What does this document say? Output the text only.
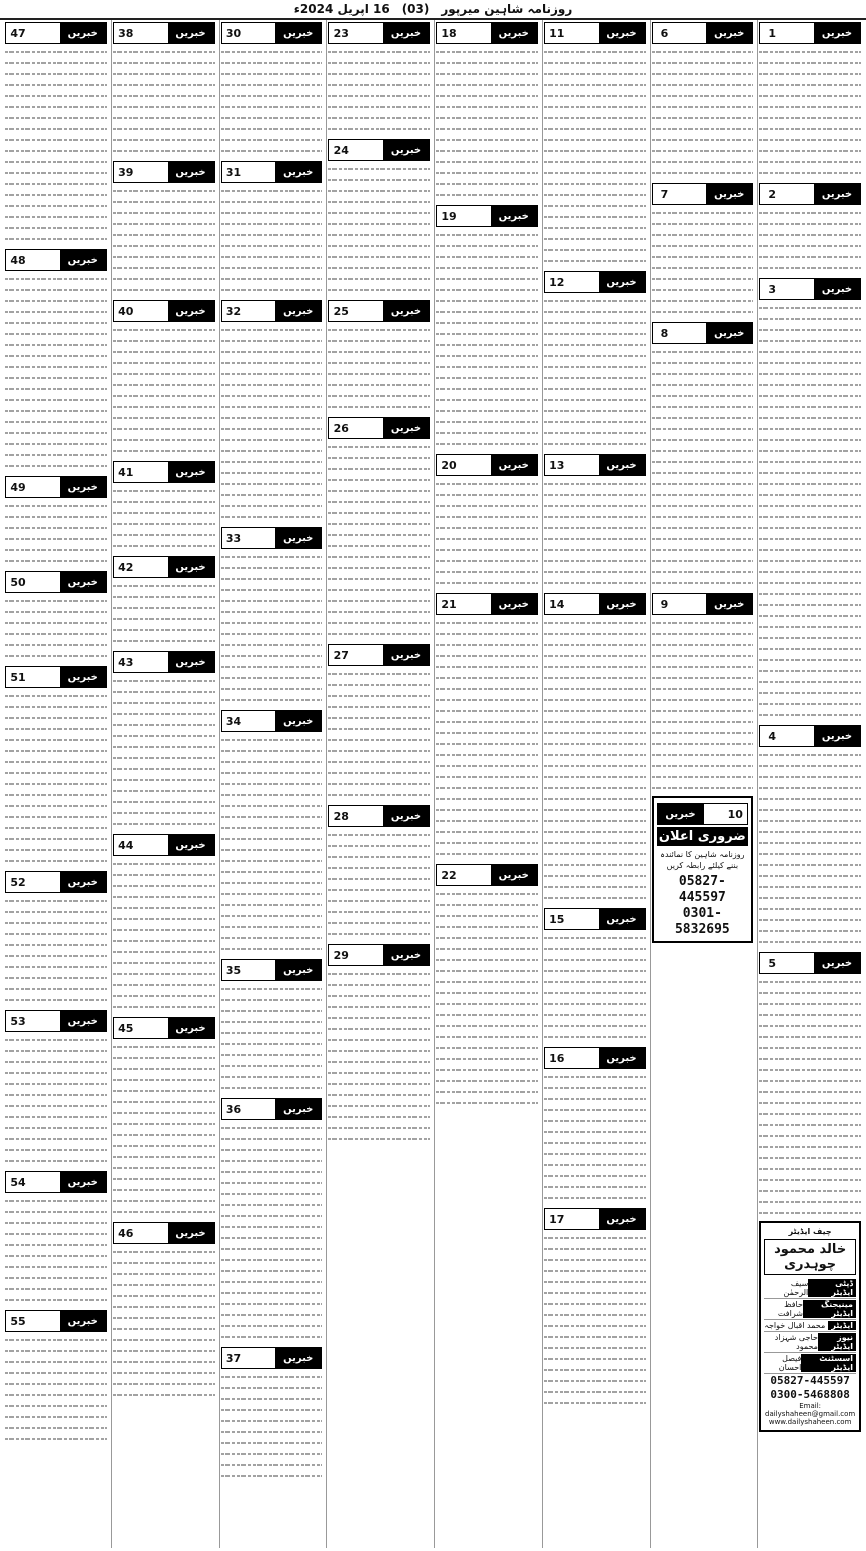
روزنامہ شاہین میرپور
(03)
16 اپریل 2024ء
خبریں
1
خبریں
2
خبریں
3
خبریں
4
خبریں
5
چیف ایڈیٹر
خالد محمود چوہدری
ڈپٹی ایڈیٹر
سیف الرحمٰن
مینیجنگ ایڈیٹر
حافظ شرافت
ایڈیٹر
محمد اقبال خواجہ
نیوز ایڈیٹر
حاجی شہزاد محمود
اسسٹنٹ ایڈیٹر
فیصل احسان
05827-445597
0300-5468808
Email: dailyshaheen@gmail.com
www.dailyshaheen.com
خبریں
6
خبریں
7
خبریں
8
خبریں
9
خبریں	10
ضروری اعلان
روزنامہ شاہین کا نمائندہ بننے کیلئے رابطہ کریں
05827-445597
0301-5832695
خبریں
11
خبریں
12
خبریں
13
خبریں
14
خبریں
15
خبریں
16
خبریں
17
خبریں
18
خبریں
19
خبریں
20
خبریں
21
خبریں
22
خبریں
23
خبریں
24
خبریں
25
خبریں
26
خبریں
27
خبریں
28
خبریں
29
خبریں
30
خبریں
31
خبریں
32
خبریں
33
خبریں
34
خبریں
35
خبریں
36
خبریں
37
خبریں
38
خبریں
39
خبریں
40
خبریں
41
خبریں
42
خبریں
43
خبریں
44
خبریں
45
خبریں
46
خبریں
47
خبریں
48
خبریں
49
خبریں
50
خبریں
51
خبریں
52
خبریں
53
خبریں
54
خبریں
55
